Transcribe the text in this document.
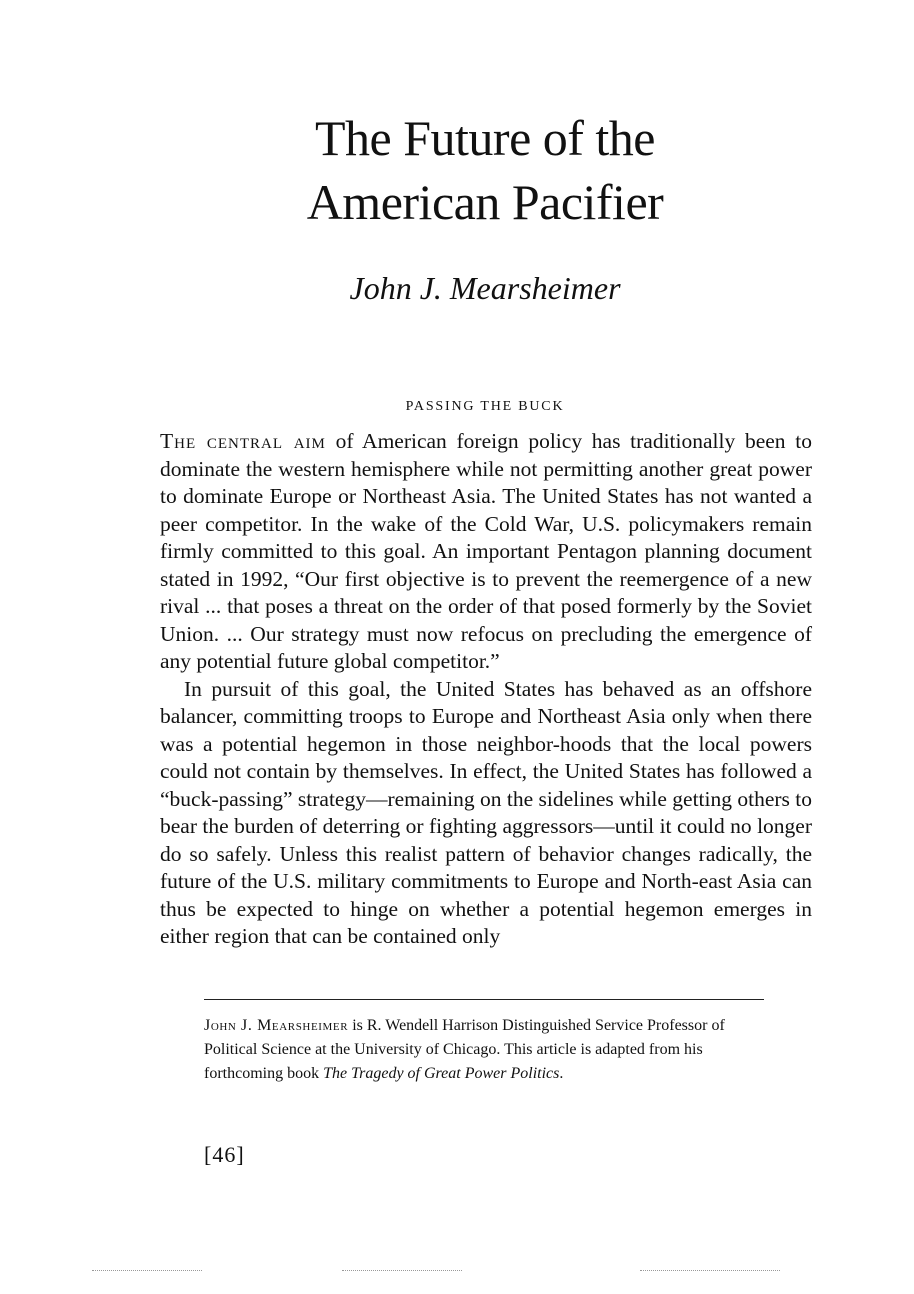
The Future of the
American Pacifier

John J. Mearsheimer

PASSING THE BUCK

The central aim of American foreign policy has traditionally been to dominate the western hemisphere while not permitting another great power to dominate Europe or Northeast Asia. The United States has not wanted a peer competitor. In the wake of the Cold War, U.S. policymakers remain firmly committed to this goal. An important Pentagon planning document stated in 1992, “Our first objective is to prevent the reemergence of a new rival ... that poses a threat on the order of that posed formerly by the Soviet Union. ... Our strategy must now refocus on precluding the emergence of any potential future global competitor.”

In pursuit of this goal, the United States has behaved as an offshore balancer, committing troops to Europe and Northeast Asia only when there was a potential hegemon in those neighbor-hoods that the local powers could not contain by themselves. In effect, the United States has followed a “buck-passing” strategy—remaining on the sidelines while getting others to bear the burden of deterring or fighting aggressors—until it could no longer do so safely. Unless this realist pattern of behavior changes radically, the future of the U.S. military commitments to Europe and North-east Asia can thus be expected to hinge on whether a potential hegemon emerges in either region that can be contained only

John J. Mearsheimer is R. Wendell Harrison Distinguished Service Professor of Political Science at the University of Chicago. This article is adapted from his forthcoming book The Tragedy of Great Power Politics.

[46]
